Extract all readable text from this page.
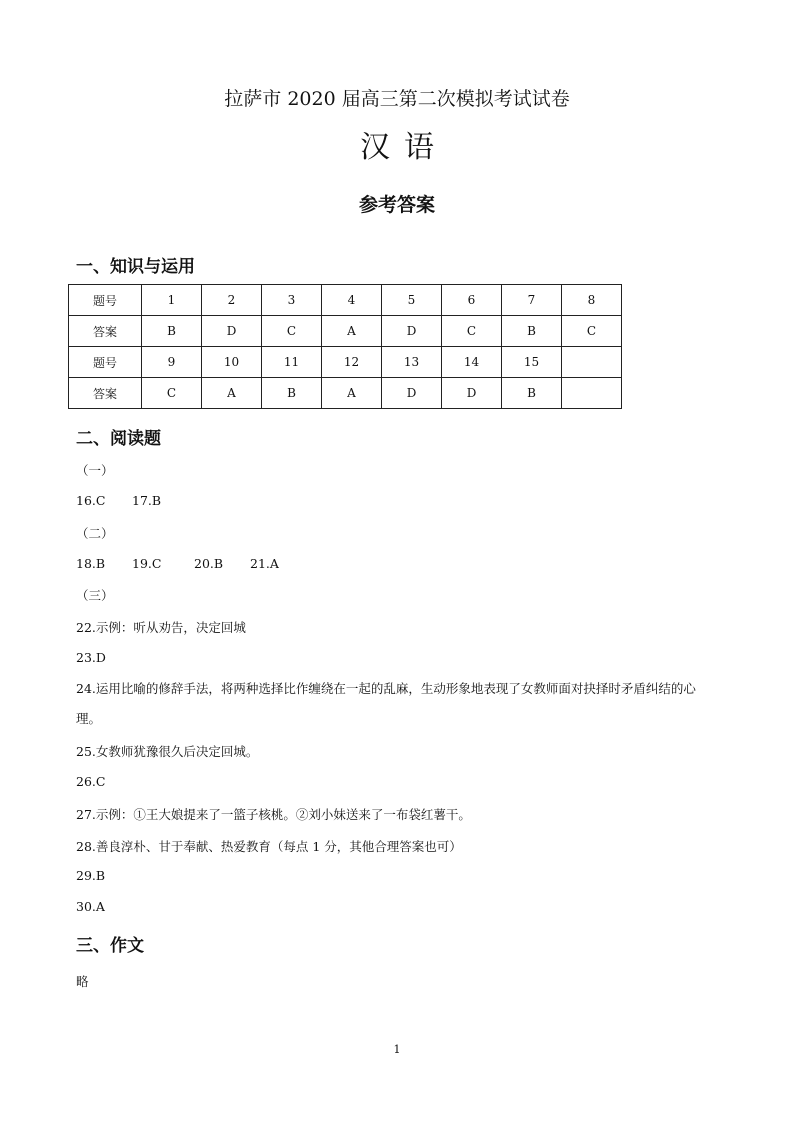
拉萨市 2020 届高三第二次模拟考试试卷
汉语
参考答案
一、知识与运用
题号	1	2	3	4	5	6	7	8
答案	B	D	C	A	D	C	B	C
题号	9	10	11	12	13	14	15	
答案	C	A	B	A	D	D	B	
二、阅读题
（一）
16.C 17.B
（二）
18.B 19.C	20.B 21.A
（三）
22.示例：听从劝告，决定回城
23.D
24.运用比喻的修辞手法，将两种选择比作缠绕在一起的乱麻，生动形象地表现了女教师面对抉择时矛盾纠结的心理。
25.女教师犹豫很久后决定回城。
26.C
27.示例：①王大娘提来了一篮子核桃。②刘小妹送来了一布袋红薯干。
28.善良淳朴、甘于奉献、热爱教育（每点 1 分，其他合理答案也可）
29.B
30.A
三、作文
略
1
